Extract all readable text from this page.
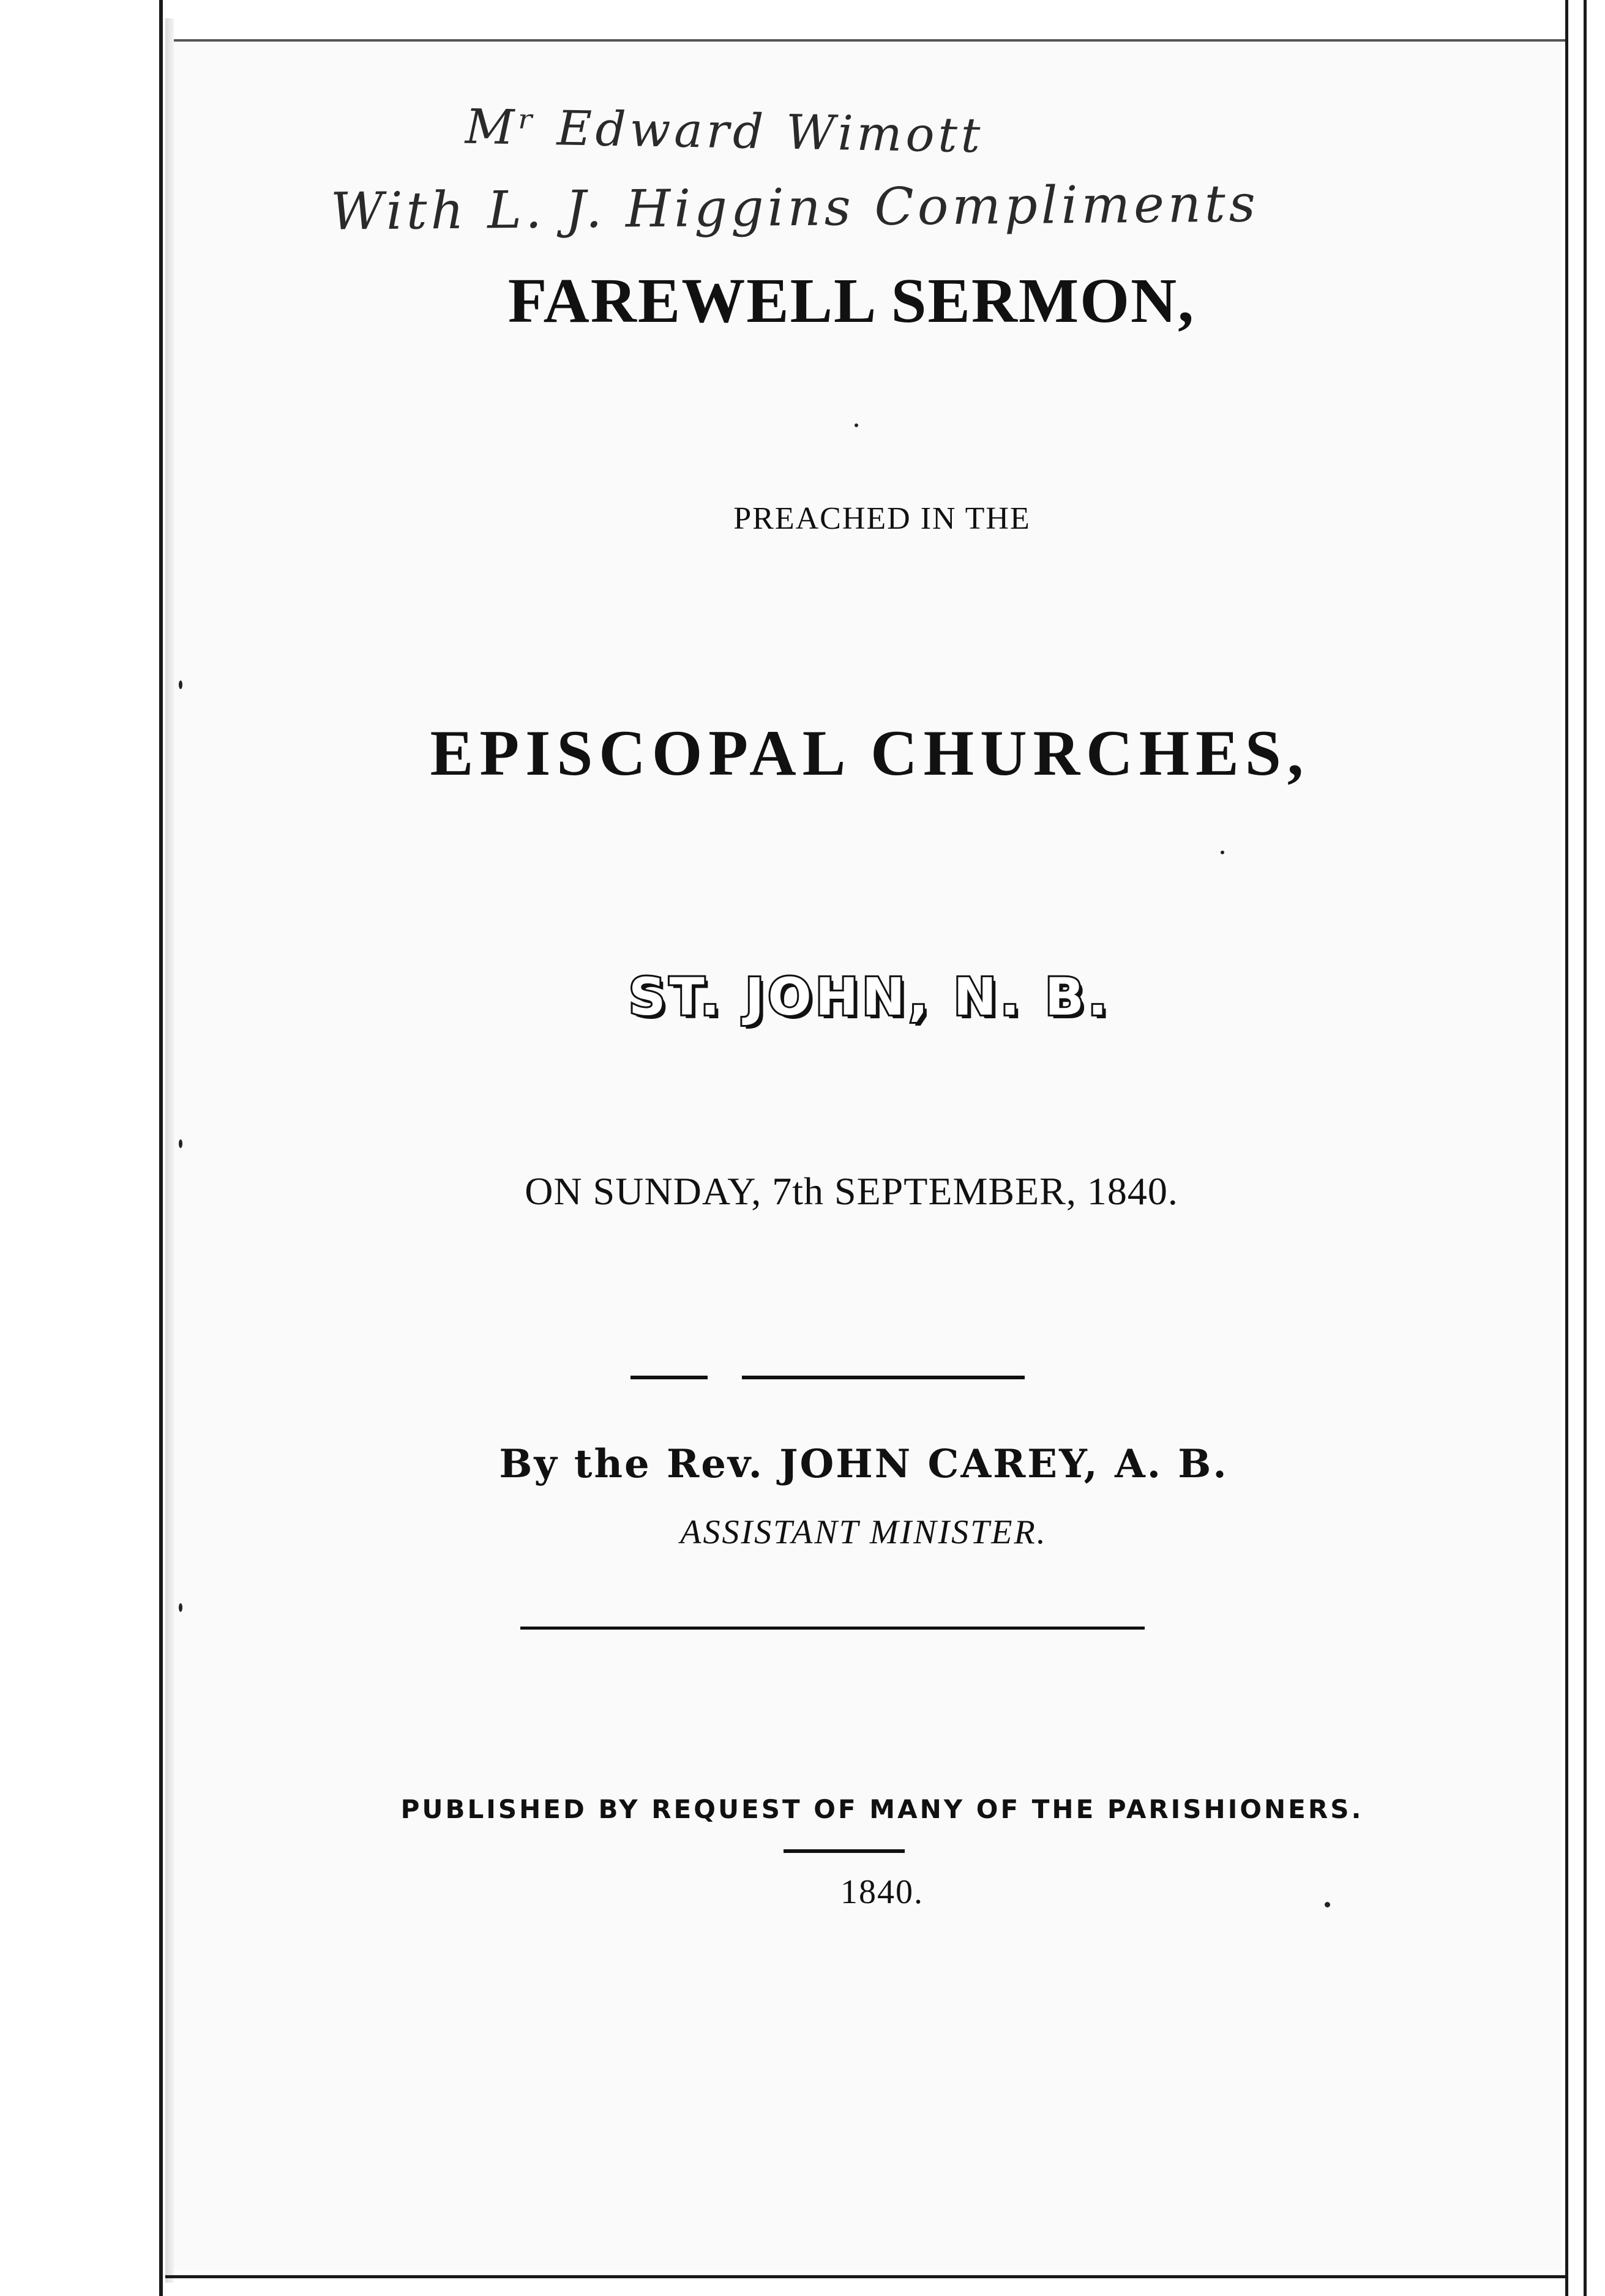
Mʳ Edward Wimott
With L. J. Higgins Compliments
FAREWELL SERMON,
PREACHED IN THE
EPISCOPAL CHURCHES,
ST. JOHN, N. B.
ON SUNDAY, 7th SEPTEMBER, 1840.
By the Rev. JOHN CAREY, A. B.
ASSISTANT MINISTER.
PUBLISHED BY REQUEST OF MANY OF THE PARISHIONERS.
1840.
